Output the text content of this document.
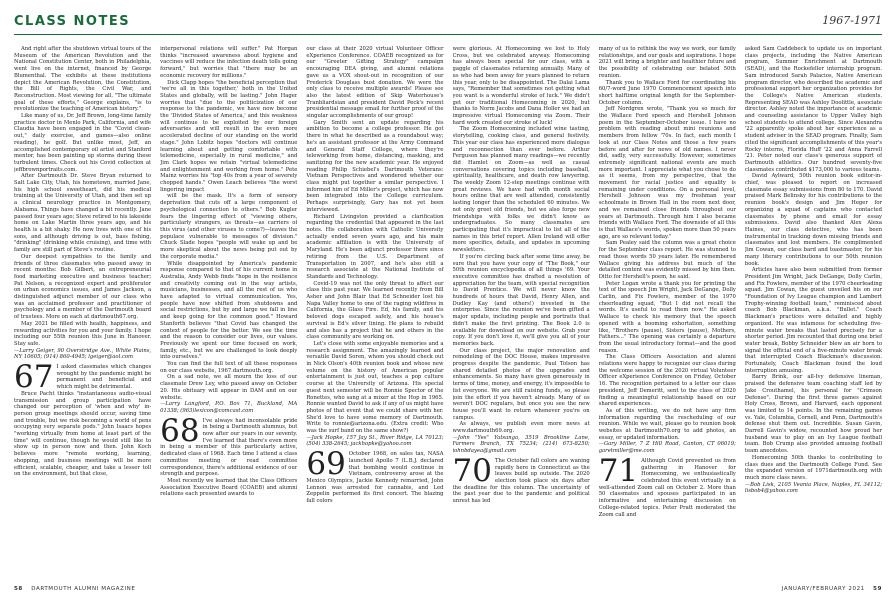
CLASS NOTES	1967-1971

And right after the shutdown virtual tours of the Museum of the American Revolution and the National Constitution Center, both in Philadelphia, went live on the internet, financed by George Blumenthal. The exhibits at these institutions depict the American Revolution, the Constitution, the Bill of Rights, the Civil War, and Reconstruction. Most viewing for all. "The ultimate goal of these efforts," George explains, "is to revolutionize the teaching of American history."

Like many of us, Dr. Jeff Brown, long-time family practice doctor in Menlo Park, California, and wife Claudia have been engaged in the "Covid clean-out," daily exercise, and games—also online reading), he golf. But unlike most, Jeff, an accomplished contemporary oil artist and Stanford mentor, has been painting up storms during these turbulent times. Check out his Covid collection at jeffbrownportraits.com.

After Dartmouth Dr. Steve Bryan returned to Salt Lake City, Utah, his hometown, married Jane, his high school sweetheart, did his medical training at the University of Utah, and then set up a clinical neurology practice in Montgomery, Alabama. Things have changed a bit recently. Jane passed four years ago; Steve retired to his lakeside home on Lake Martin three years ago, and his health is a bit shaky. He now lives with one of his sons, and although driving is out, bass fishing, "drinking" (drinking while cruising), and time with family are still part of Steve's routine.

Our deepest sympathies to the family and friends of three classmates who passed away in recent months: Bob Gilbert, an entrepreneurial food marketing executive and business teacher; Pat Nelson, a recognized expert and proliferator on urban economics issues, and James Jackson, a distinguished adjunct member of our class who was an acclaimed professor and practitioner of psychology and a member of the Dartmouth board of trustees. More on each at dartmouth67.org.

May 2021 be filled with health, happiness, and rewarding activities for you and your family. I hope including our 55th reunion this June in Hanover. Stay safe.

—Larry Geiger, 90 Overstridge Ave., White Plains, NY 10605; (914) 860-4945; lgeiger@aol.com

67 I asked classmates which changes wrought by the pandemic might be permanent and beneficial and which might be detrimental.

Bruce Pacht thinks "instantaneous audio-visual transmission and group participation have changed our perception of 'when and why' in-person group meetings should occur, saving time and trouble, but we risk becoming a world of pens occupying very separate pods." John Isaacs hopes "working virtually from home at least part of the time" will continue, though he would still like to show up in person now and then. John Koch believes more "remote working, learning, shopping, and business meetings will be more efficient, scalable, cheaper, and take a lesser toll on the environment, but that close,

interpersonal relations will suffer." Pat Horgan thinks "increased awareness about hygiene and vaccines will reduce the infection death tolls going forward," but worries that "there may be an economic recovery for millions."

Dick Clapp hopes "the beneficial perception that 'we're all in this together,' both in the United States and globally, will be lasting." John Hager worries that "due to the politicization of our response to the pandemic, we have now become the 'Divided States of America,' and this weakness will continue to be exploited by our foreign adversaries and will result in the even more accelerated decline of our standing on the world stage." John Lobitz hopes "doctors will continue learning about and getting comfortable with telemedicine, especially in rural medicine," and Jim Clark hopes we retain "virtual telemedicine and enlightenment and working from home." Pete Mainz worries his "top 40s from a year of severely chopped hands." Owen Leach believes "the worst lingering impact

will be the mask. It's a form of sensory deprivation that cuts off a large component of psychological connection to others." Bob Kugler fears the lingering effect of "viewing others, particularly strangers, as threats—as carriers of this virus (and other viruses to come?)—leaves the populace vulnerable to messages of division." Chuck Slade hopes "people will wake up and be more skeptical about the news being put out by the corporate media."

While disappointed by America's pandemic response compared to that of his current home in Australia, Andy Webb finds "hope in the resilience and creativity coming out in the way artists, musicians, businesses, and all the rest of us who have adapted to virtual communication. Yes, people have now shifted from shutdowns and social restrictions, but by and large we fall in line and keep going for the common good." Howard Stanforth believes "that Covid has changed the context of people for the better. We see the time and the reason to consider our lives, our values. Previously we spent our time focused on work, family, etc., but we are challenged to look deeply into ourselves."

You can find the full text of all these responses on our class website, 1967.dartmouth.org.

On a sad note, we all mourn the loss of our classmate Drew Ley, who passed away on October 20. His obituary will appear in DAM and on our website.

—Larry Langford, P.O. Box 71, Buckland, MA 01338; (963)lexicon@comcast.com

68 I've always had inconsolable pride in being a Dartmouth alumnus, but now after our years in our seventy. I've learned that there's even more in being a member of this particularly active, dedicated class of 1968. Each time I attend a class committee meeting or read committee correspondence, there's additional evidence of our strength and purpose.

Most recently we learned that the Class Officers Association Executive Board (COAEB) and alumni relations each presented awards to

our class at their 2020 virtual Volunteer Officer eXperience Conference. COAEB recognized us for our "Greeter Gifting Strategy" campaign encouraging DEA giving, and alumni relations gave us a VOX shout-out in recognition of our Frederick Douglass bust donation. We were the only class to receive multiple awards! Please see also the latest edition of Skip Waterhouse's Tranbliardsian and president David Peck's recent presidential message email for further proof of the singular accomplishments of our group!

Gary Smith sent an update regarding his ambition to become a college professor. He got there in what he described as a roundabout way; he's an assistant professor at the Army Command and General Staff College, where they're teleworking from home, distancing, masking, and sanitizing for the new academic year. He enjoyed reading Philip Schiebel's Dartmouth Veterans: Vietnam Perspectives and wondered whether our class might put together a similar perspective. I informed him of Ed Miller's project, which has now been integrated into the College curriculum. Perhaps surprisingly, Gary has not yet been interviewed.

Richard Livingston provided a clarification regarding the credential that appeared in the last notes. His collaboration with Catholic University actually ended seven years ago, and his main academic affiliation is with the University of Maryland. He's been adjunct professor there since retiring from the U.S. Department of Transportation in 2007, and he's also still a research associate at the National Institute of Standards and Technology.

Covid-19 was not the only threat to affect our class this past year. We learned recently from Bill Asher and John Blair that Ed Schneider lost his Napa Valley home to one of the raging wildfires in California, the Glass Fire. Ed, his family, and his beloved dogs escaped safely, and his house's survival is Ed's silver lining. He plans to rebuild and also has a project that he and others in the class community are working on.

Let's close with some enjoyable memories and a research assignment. The amazingly learned and versatile David Soren, whom you should check out in Nick Olson's 40th reunion book and whose new volume on the history of American popular entertainment is just out, teaches a pop culture course at the University of Arizona. His special guest next semester will be Ronnie Spector of the Ronettes, who sang at a mixer at the Hop in 1965. Ronnie wanted David to ask if any of us might have photos of that event that we could share with her. She'd love to have some memory of Dartmouth. Write to ronnie@arizona.edu. (Extra credit: Who was the surf band on the same show?)

—Jack Hopke, 157 Jay St., River Ridge, LA 70123; (504) 338-2645; jackhopke@yahoo.com

69 October 1968, on sales tax, NASA launched Apollo 7 (L.B.J. declared that bombing would continue in Vietnam, controversy arose at the Mexico Olympics, Jackie Kennedy remarried, John Lennon was arrested for cannabis, and Led Zeppelin performed its first concert. The blazing fall colors

were glorious. At Homecoming we lost to Holy Cross, but we celebrated anyway. Homecoming has always been special for our class, with a gaggle of classmates returning annually. Many of us who had been away for years planned to return this year, only to be disappointed. The Dalai Lama says, "Remember that sometimes not getting what you want is a wonderful stroke of luck." We didn't get our traditional Homecoming in 2020, but thanks to Norm Jacobs and Dana Holler we had an impressive virtual Homecoming via Zoom. Their hard work created our stroke of luck!

The Zoom Homecoming included wine tasting, storytelling, cooking class, and general festivity. This year our class has experienced more dialogue and reconnection than ever before. Arthur Ferguson has planned many readings—we recently did Hamlet on Zoom—as well as casual conversations covering topics including baseball, spirituality, healthcare, and death row lawyering. The weekly Zoom 12-step meetings continue with great reviews. We have had with month social hours online that are well attended, consistently lasting longer than the scheduled 60 minutes. We not only greet old friends, but we also forge new friendships with folks we didn't know as undergraduates. So many classmates are participating that it's impractical to list all of the names in this brief report. Allen Ireland will offer more specifics, details, and updates in upcoming newsletters.

If you're circling back after some time away, be sure that you have your copy of "The Book," our 50th reunion encyclopedia of all things '69. Your executive committee has drafted a resolution of appreciation for the team, with special recognition to David Prentice. We will never know the hundreds of hours that David, Henry Allen, and Dudley Kay (and others!) invested in the enterprise. Since the reunion we've been gifted a major update, including people and portraits that didn't make the first printing. The Book 2.0 is available for download on our website. Grab your copy. If you don't love it, we'll give you all of your memories back.

Our class project, the major renovation and remodeling of the DOC House, makes impressive progress despite the pandemic. Paul Tolson has shared detailed photos of the upgrades and enhancements. So many have given generously in terms of time, money, and energy, it's impossible to list everyone. We are still raising funds, so please join the effort if you haven't already. Many of us weren't DOC regulars, but once you see the new house you'll want to return whenever you're on campus.

As always, we publish even more news at www.dartmouth69.org.

—John "Yes" Yatsanga, 3519 Brookline Lane, Farmers Branch, TX 75234; (214) 673-8250; johnbdayea@gmail.com

70 The October fall colors are waning rapidly here in Connecticut as the leaves build up outside. The 2020 election took place six days after the deadline for this column. The uncertainty of the past year due to the pandemic and political unrest has led

many of us to rethink the way we work, our family relationships, and our goals and aspirations. I hope 2021 will bring a brighter and healthier future and the possibility of celebrating our belated 50th reunion.

Thank you to Wallace Ford for coordinating his 60/7-word June 1970 Commencement speech into short halftime original length for the September-October column.

Jeff Nordgren wrote, "Thank you so much for the Wallace Ford speech and Hershell Johnson poem in the September-October issue. I have no problem with reading about mini reunions and members from fellow '70s. In fact, each month I look at our Class Notes and those a few years before and after for news of old names. I never did, sadly, very successfully. However, sometimes extremely significant national events are much more important. I appreciate what you chose to do as it seems, from my perspective, that the movement for racial justice and equality is remaining under conditions. On a personal level, Hershell Johnson was my freshman year schoolmate in Brown Hall in the room next door, and we remained close friends throughout our years at Dartmouth. Through him I also became friends with Wallace Ford. The downside of all this is that Wallace's words, spoken more than 50 years ago, are so relevant today."

Sam Pealey said the column was a great choice for the September class report. He was stunned to read those words 50 years later. He remembered Wallace giving his address but much of the detailed content was evidently missed by him then. Ditto for Hershell's poem, he said.

Peter Logan wrote a thank you for printing the text of the speech Jim Wright, Jack DeGange, Dolly Carlin, and Fix Fowlers, member of the 1970 cheerleading squad, "But I did not recall the words. It's useful to read them now." He asked Wallace to check his memory that the speech opened with a booming exhortation, something like, "Brothers (pause), Sisters (pause), Mothers, Fathers..." The opening was certainly a departure from the usual introductory format—and the good reason.

The Class Officers Association and alumni relations were happy to recognize our class during the welcome session of the 2020 virtual Volunteer Officer eXperience Conference on Friday, October 16. The recognition pertained to a letter our class president, Jeff Demeritt, sent to the class of 2020 finding a meaningful relationship based on our shared experiences.

As of this writing, we do not have any firm information regarding the rescheduling of our reunion. While we wait, please go to reunion book websites at Dartmouth70.org to add photos, an essay, or updated information.

—Gary Miller, 7 Z Hill Road, Canton, CT 06019; garetmiller@me.com

71 Although Covid prevented us from gathering in Hanover for Homecoming, we enthusiastically celebrated this event virtually in a well-attended Zoom call on October 2. More than 50 classmates and spouses participated in an informative and entertaining discussion on College-related topics. Peter Pratt moderated the Zoom call and

asked Sam Caddebeck to update us on important class projects, including the Native American program, Summer Enrichment at Dartmouth (SEAD), and the Rockefeller internship program. Sam introduced Sarah Palacios, Native American program director, who described the academic and professional support her organization provides for the College's Native American students. Representing SEAD was Ashley Doolittle, associate director. Ashley noted the importance of academic and counseling assistance to Upper Valley high school students to attend college. Since Alexandra '22 apparently spoke about her experience as a student adviser in the SEAD program. Finally, Sam cited the significant accomplishments of this year's Rocky interns, Florida Huff '22 and Anna Farrell '21. Peter noted our class's generous support of Dartmouth athletics. Our hundred seventy-five classmates contributed $173,000 to various teams.

David Aylward, 50th reunion book editor-in-chief, was pleased to report on increased classmate essay submissions from 80 to 170. David praised Mark Belinsky for his contributions to the reunion book's design and Jim Heger for organizing a squad of captains who contacted classmates by phone and email for essay submissions. David also thanked Alex Alexa Haines, our class detective, who has been instrumental in tracking down missing friends and classmates and lost members. He complimented Jim Cowan, our class bard and toastmaster, for his many literary contributions to our 50th reunion book.

Articles have also been submitted from former President Jim Wright, Jack DeGange, Dolly Carlin, and Fix Fowlers, member of the 1970 cheerleading squad. Jim Cowan, the guest unveiled his on our "Foundation of Ivy League champion and Lambert Trophy-winning football team," reminisced about coach Bob Blackman, a.k.a. "Bullet." Coach Blackman's practices were detailed and highly organized. He was infamous for scheduling five-minute water breaks that lasted precisely for a shorter period. Jim recounted that during one brief water break, Bobby Schneider blew an air horn to signal the official end of a five-minute water break that interrupted Coach Blackman's discussion. Fortunately, Coach Blackman found the loud interruption amusing.

Barry Brink, our all-Ivy defensive lineman, praised the defensive team coaching staff led by Jake Crouthamel, his personal for "Crimson Defense". During the first three games against Holy Cross, Brown, and Harvard, each opponent was limited to 14 points. In the remaining games vs. Yale, Columbia, Cornell, and Penn, Dartmouth's defense shut them out. Incredible. Susan Gavin, Darrell Gavin's widow, recounted how proud her husband was to play on an Ivy League football team. Bob Crump also provided amusing football team anecdotes.

Homecoming 50th thanks to contributing to class dues and the Dartmouth College Fund. See the expanded version of 1971dartmouth.org with much more class news.

—Bob Lisk, 2105 Veania Place, Naples, FL 34112; lisbob4@yahoo.com

58 DARTMOUTH ALUMNI MAGAZINE	JANUARY/FEBRUARY 2021 59
